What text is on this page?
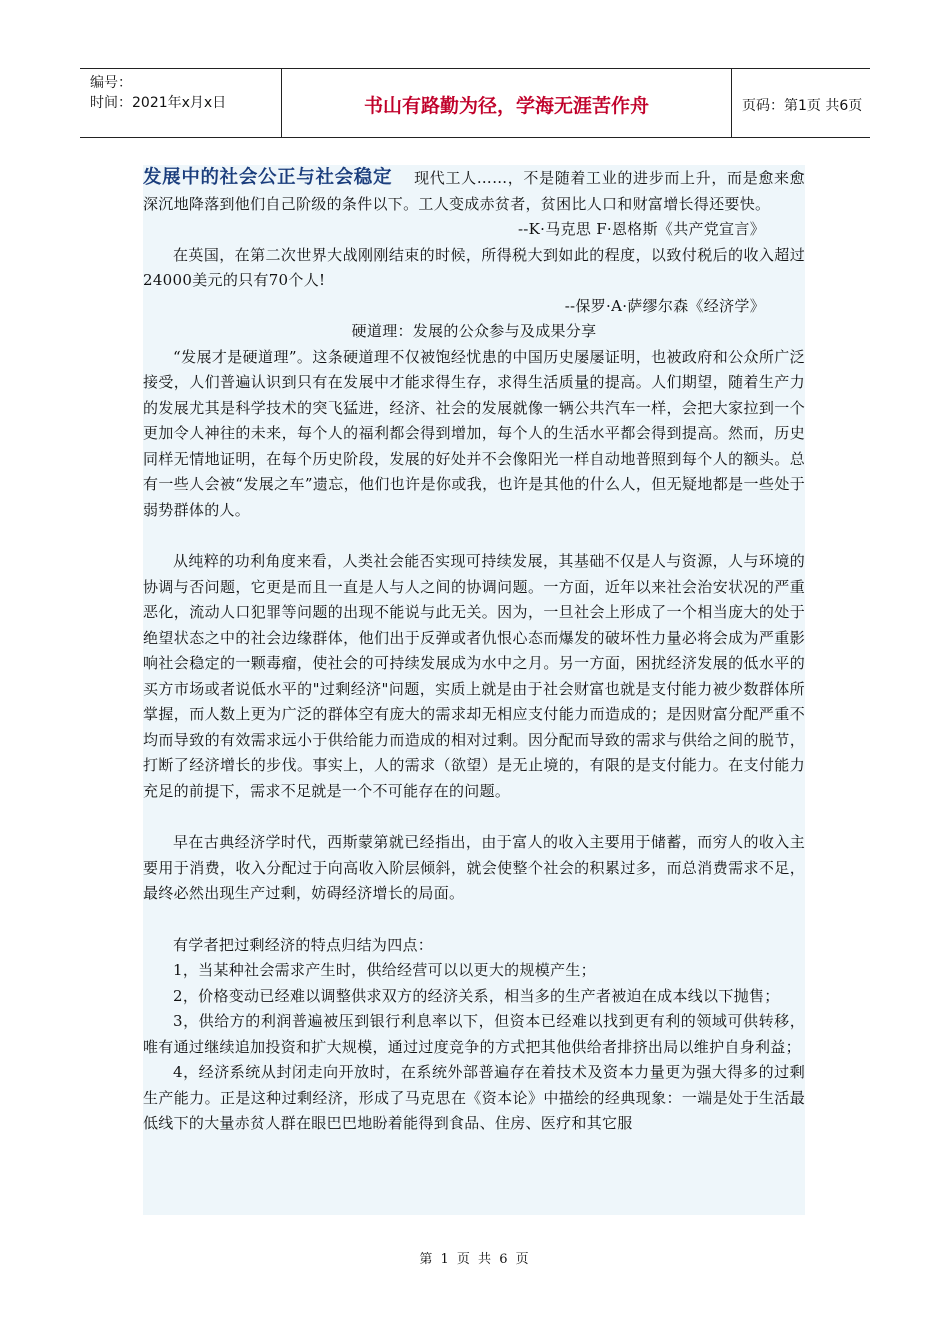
编号：
时间：2021年x月x日	书山有路勤为径，学海无涯苦作舟	页码：第1页 共6页

发展中的社会公正与社会稳定 现代工人……，不是随着工业的进步而上升，而是愈来愈深沉地降落到他们自己阶级的条件以下。工人变成赤贫者，贫困比人口和财富增长得还要快。

--K·马克思 F·恩格斯《共产党宣言》

在英国，在第二次世界大战刚刚结束的时候，所得税大到如此的程度，以致付税后的收入超过24000美元的只有70个人!

--保罗·A·萨缪尔森《经济学》

硬道理：发展的公众参与及成果分享

“发展才是硬道理”。这条硬道理不仅被饱经忧患的中国历史屡屡证明，也被政府和公众所广泛接受，人们普遍认识到只有在发展中才能求得生存，求得生活质量的提高。人们期望，随着生产力的发展尤其是科学技术的突飞猛进，经济、社会的发展就像一辆公共汽车一样，会把大家拉到一个更加令人神往的未来，每个人的福利都会得到增加，每个人的生活水平都会得到提高。然而，历史同样无情地证明，在每个历史阶段，发展的好处并不会像阳光一样自动地普照到每个人的额头。总有一些人会被“发展之车”遗忘，他们也许是你或我，也许是其他的什么人，但无疑地都是一些处于弱势群体的人。

从纯粹的功利角度来看，人类社会能否实现可持续发展，其基础不仅是人与资源，人与环境的协调与否问题，它更是而且一直是人与人之间的协调问题。一方面，近年以来社会治安状况的严重恶化，流动人口犯罪等问题的出现不能说与此无关。因为，一旦社会上形成了一个相当庞大的处于绝望状态之中的社会边缘群体，他们出于反弹或者仇恨心态而爆发的破坏性力量必将会成为严重影响社会稳定的一颗毒瘤，使社会的可持续发展成为水中之月。另一方面，困扰经济发展的低水平的买方市场或者说低水平的"过剩经济"问题，实质上就是由于社会财富也就是支付能力被少数群体所掌握，而人数上更为广泛的群体空有庞大的需求却无相应支付能力而造成的；是因财富分配严重不均而导致的有效需求远小于供给能力而造成的相对过剩。因分配而导致的需求与供给之间的脱节，打断了经济增长的步伐。事实上，人的需求（欲望）是无止境的，有限的是支付能力。在支付能力充足的前提下，需求不足就是一个不可能存在的问题。

早在古典经济学时代，西斯蒙第就已经指出，由于富人的收入主要用于储蓄，而穷人的收入主要用于消费，收入分配过于向高收入阶层倾斜，就会使整个社会的积累过多，而总消费需求不足，最终必然出现生产过剩，妨碍经济增长的局面。

有学者把过剩经济的特点归结为四点：

1，当某种社会需求产生时，供给经营可以以更大的规模产生；

2，价格变动已经难以调整供求双方的经济关系，相当多的生产者被迫在成本线以下抛售；

3，供给方的利润普遍被压到银行利息率以下，但资本已经难以找到更有利的领域可供转移，唯有通过继续追加投资和扩大规模，通过过度竞争的方式把其他供给者排挤出局以维护自身利益；

4，经济系统从封闭走向开放时，在系统外部普遍存在着技术及资本力量更为强大得多的过剩生产能力。正是这种过剩经济，形成了马克思在《资本论》中描绘的经典现象：一端是处于生活最低线下的大量赤贫人群在眼巴巴地盼着能得到食品、住房、医疗和其它服

第 1 页 共 6 页
